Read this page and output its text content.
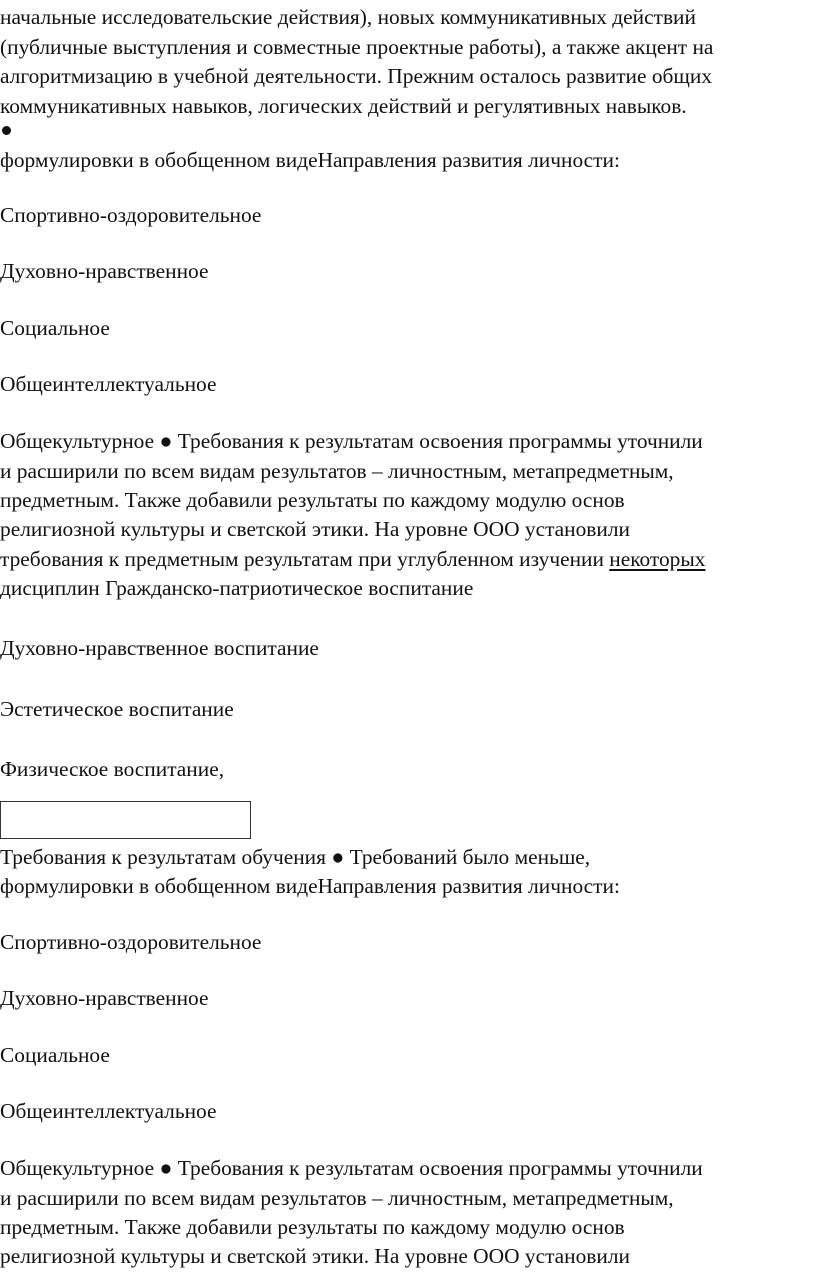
начальные исследовательские действия), новых коммуникативных действий
(публичные выступления и совместные проектные работы), а также акцент на
алгоритмизацию в учебной деятельности. Прежним осталось развитие общих
коммуникативных навыков, логических действий и регулятивных навыков.
формулировки в обобщенном видеНаправления развития личности:
Спортивно-оздоровительное
Духовно-нравственное
Социальное
Общеинтеллектуальное
Общекультурное ● Требования к результатам освоения программы уточнили
и расширили по всем видам результатов – личностным, метапредметным,
предметным. Также добавили результаты по каждому модулю основ
религиозной культуры и светской этики. На уровне ООО установили
требования к предметным результатам при углубленном изучении некоторых
дисциплин Гражданско-патриотическое воспитание
Духовно-нравственное воспитание
Эстетическое воспитание
Физическое воспитание,
Требования к результатам обучения ● Требований было меньше,
формулировки в обобщенном видеНаправления развития личности:
Спортивно-оздоровительное
Духовно-нравственное
Социальное
Общеинтеллектуальное
Общекультурное ● Требования к результатам освоения программы уточнили
и расширили по всем видам результатов – личностным, метапредметным,
предметным. Также добавили результаты по каждому модулю основ
религиозной культуры и светской этики. На уровне ООО установили
